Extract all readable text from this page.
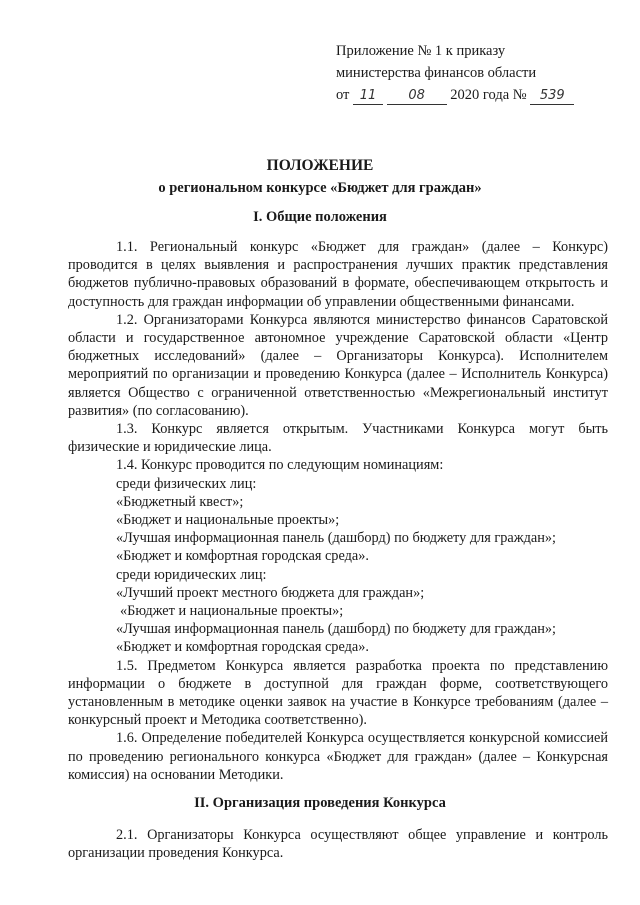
Приложение № 1 к приказу
министерства финансов области
от 11 08 2020 года № 539
ПОЛОЖЕНИЕ
о региональном конкурсе «Бюджет для граждан»
I. Общие положения

1.1. Региональный конкурс «Бюджет для граждан» (далее – Конкурс) проводится в целях выявления и распространения лучших практик представления бюджетов публично-правовых образований в формате, обеспечивающем открытость и доступность для граждан информации об управлении общественными финансами.

1.2. Организаторами Конкурса являются министерство финансов Саратовской области и государственное автономное учреждение Саратовской области «Центр бюджетных исследований» (далее – Организаторы Конкурса). Исполнителем мероприятий по организации и проведению Конкурса (далее – Исполнитель Конкурса) является Общество с ограниченной ответственностью «Межрегиональный институт развития» (по согласованию).

1.3. Конкурс является открытым. Участниками Конкурса могут быть физические и юридические лица.

1.4. Конкурс проводится по следующим номинациям:

среди физических лиц:

«Бюджетный квест»;

«Бюджет и национальные проекты»;

«Лучшая информационная панель (дашборд) по бюджету для граждан»;

«Бюджет и комфортная городская среда».

среди юридических лиц:

«Лучший проект местного бюджета для граждан»;

«Бюджет и национальные проекты»;

«Лучшая информационная панель (дашборд) по бюджету для граждан»;

«Бюджет и комфортная городская среда».

1.5. Предметом Конкурса является разработка проекта по представлению информации о бюджете в доступной для граждан форме, соответствующего установленным в методике оценки заявок на участие в Конкурсе требованиям (далее – конкурсный проект и Методика соответственно).

1.6. Определение победителей Конкурса осуществляется конкурсной комиссией по проведению регионального конкурса «Бюджет для граждан» (далее – Конкурсная комиссия) на основании Методики.

II. Организация проведения Конкурса

2.1. Организаторы Конкурса осуществляют общее управление и контроль организации проведения Конкурса.
